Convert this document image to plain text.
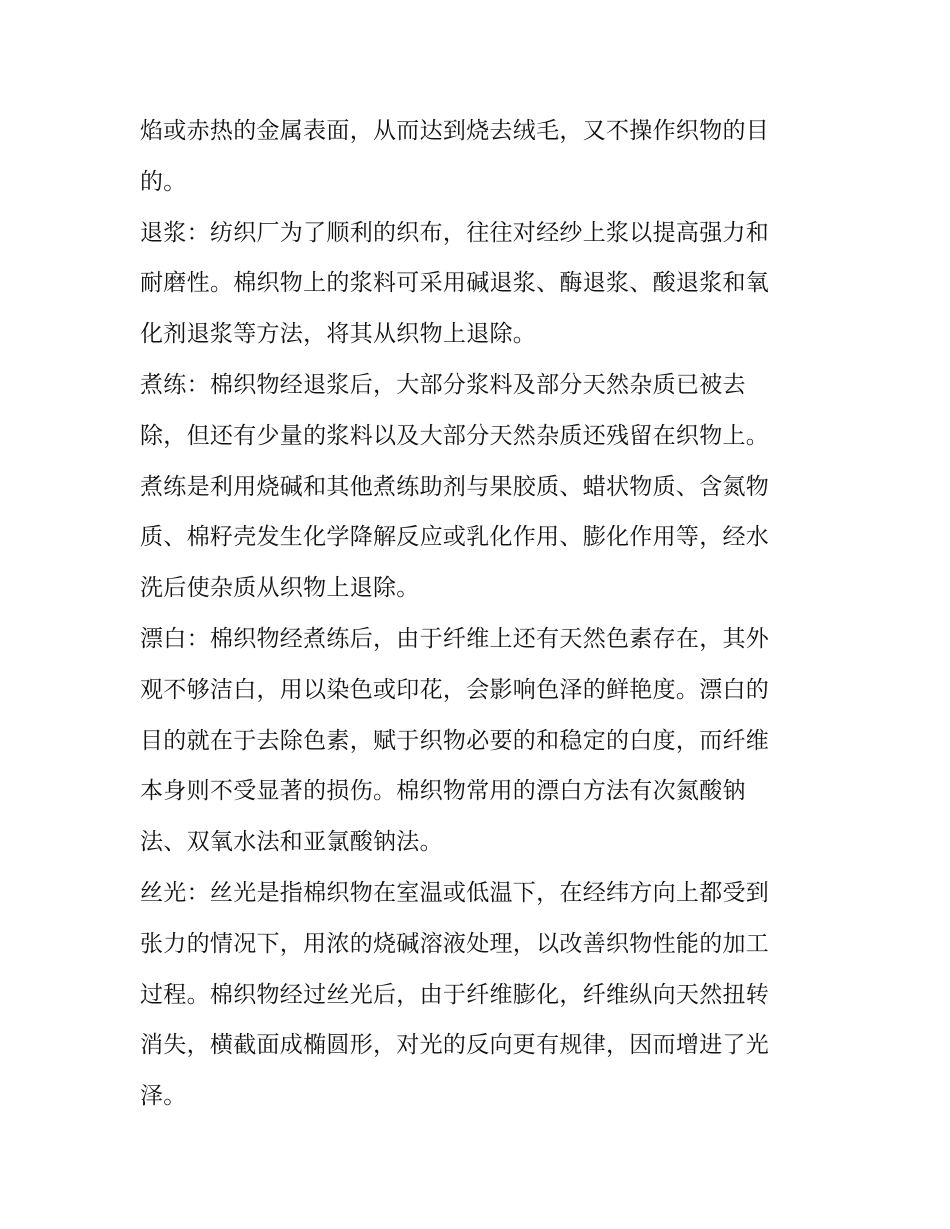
焰或赤热的金属表面，从而达到烧去绒毛，又不操作织物的目
的。
退浆：纺织厂为了顺利的织布，往往对经纱上浆以提高强力和
耐磨性。棉织物上的浆料可采用碱退浆、酶退浆、酸退浆和氧
化剂退浆等方法，将其从织物上退除。
煮练：棉织物经退浆后，大部分浆料及部分天然杂质已被去
除，但还有少量的浆料以及大部分天然杂质还残留在织物上。
煮练是利用烧碱和其他煮练助剂与果胶质、蜡状物质、含氮物
质、棉籽壳发生化学降解反应或乳化作用、膨化作用等，经水
洗后使杂质从织物上退除。
漂白：棉织物经煮练后，由于纤维上还有天然色素存在，其外
观不够洁白，用以染色或印花，会影响色泽的鲜艳度。漂白的
目的就在于去除色素，赋于织物必要的和稳定的白度，而纤维
本身则不受显著的损伤。棉织物常用的漂白方法有次氮酸钠
法、双氧水法和亚氯酸钠法。
丝光：丝光是指棉织物在室温或低温下，在经纬方向上都受到
张力的情况下，用浓的烧碱溶液处理，以改善织物性能的加工
过程。棉织物经过丝光后，由于纤维膨化，纤维纵向天然扭转
消失，横截面成椭圆形，对光的反向更有规律，因而增进了光
泽。
